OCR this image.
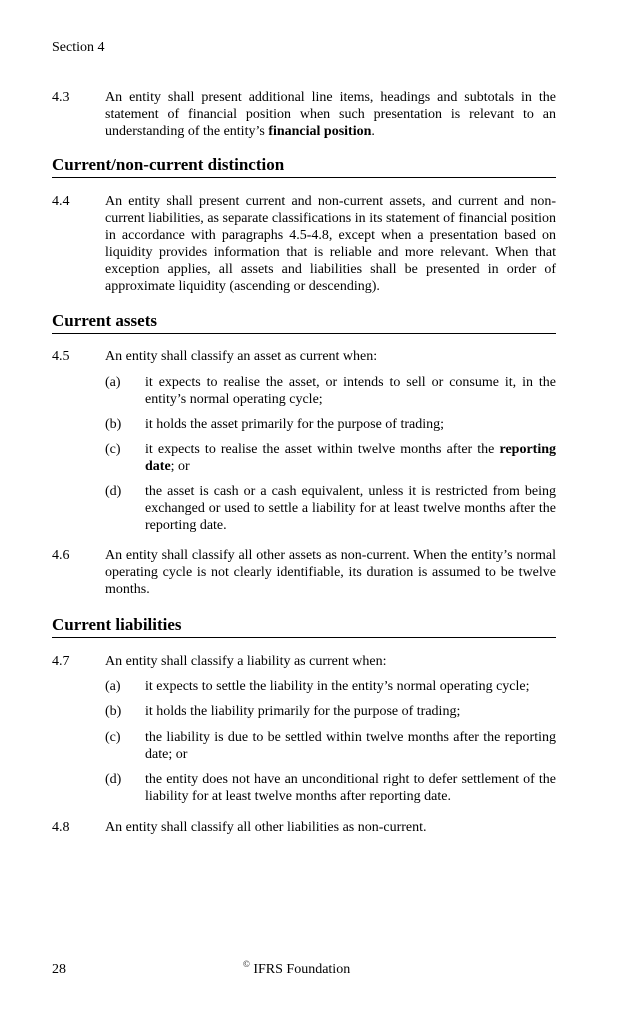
Section 4
4.3	An entity shall present additional line items, headings and subtotals in the statement of financial position when such presentation is relevant to an understanding of the entity’s financial position.
Current/non-current distinction
4.4	An entity shall present current and non-current assets, and current and non-current liabilities, as separate classifications in its statement of financial position in accordance with paragraphs 4.5-4.8, except when a presentation based on liquidity provides information that is reliable and more relevant. When that exception applies, all assets and liabilities shall be presented in order of approximate liquidity (ascending or descending).
Current assets
4.5	An entity shall classify an asset as current when:
(a) it expects to realise the asset, or intends to sell or consume it, in the entity’s normal operating cycle;
(b) it holds the asset primarily for the purpose of trading;
(c) it expects to realise the asset within twelve months after the reporting date; or
(d) the asset is cash or a cash equivalent, unless it is restricted from being exchanged or used to settle a liability for at least twelve months after the reporting date.
4.6	An entity shall classify all other assets as non-current. When the entity’s normal operating cycle is not clearly identifiable, its duration is assumed to be twelve months.
Current liabilities
4.7	An entity shall classify a liability as current when:
(a) it expects to settle the liability in the entity’s normal operating cycle;
(b) it holds the liability primarily for the purpose of trading;
(c) the liability is due to be settled within twelve months after the reporting date; or
(d) the entity does not have an unconditional right to defer settlement of the liability for at least twelve months after reporting date.
4.8	An entity shall classify all other liabilities as non-current.
28	© IFRS Foundation
